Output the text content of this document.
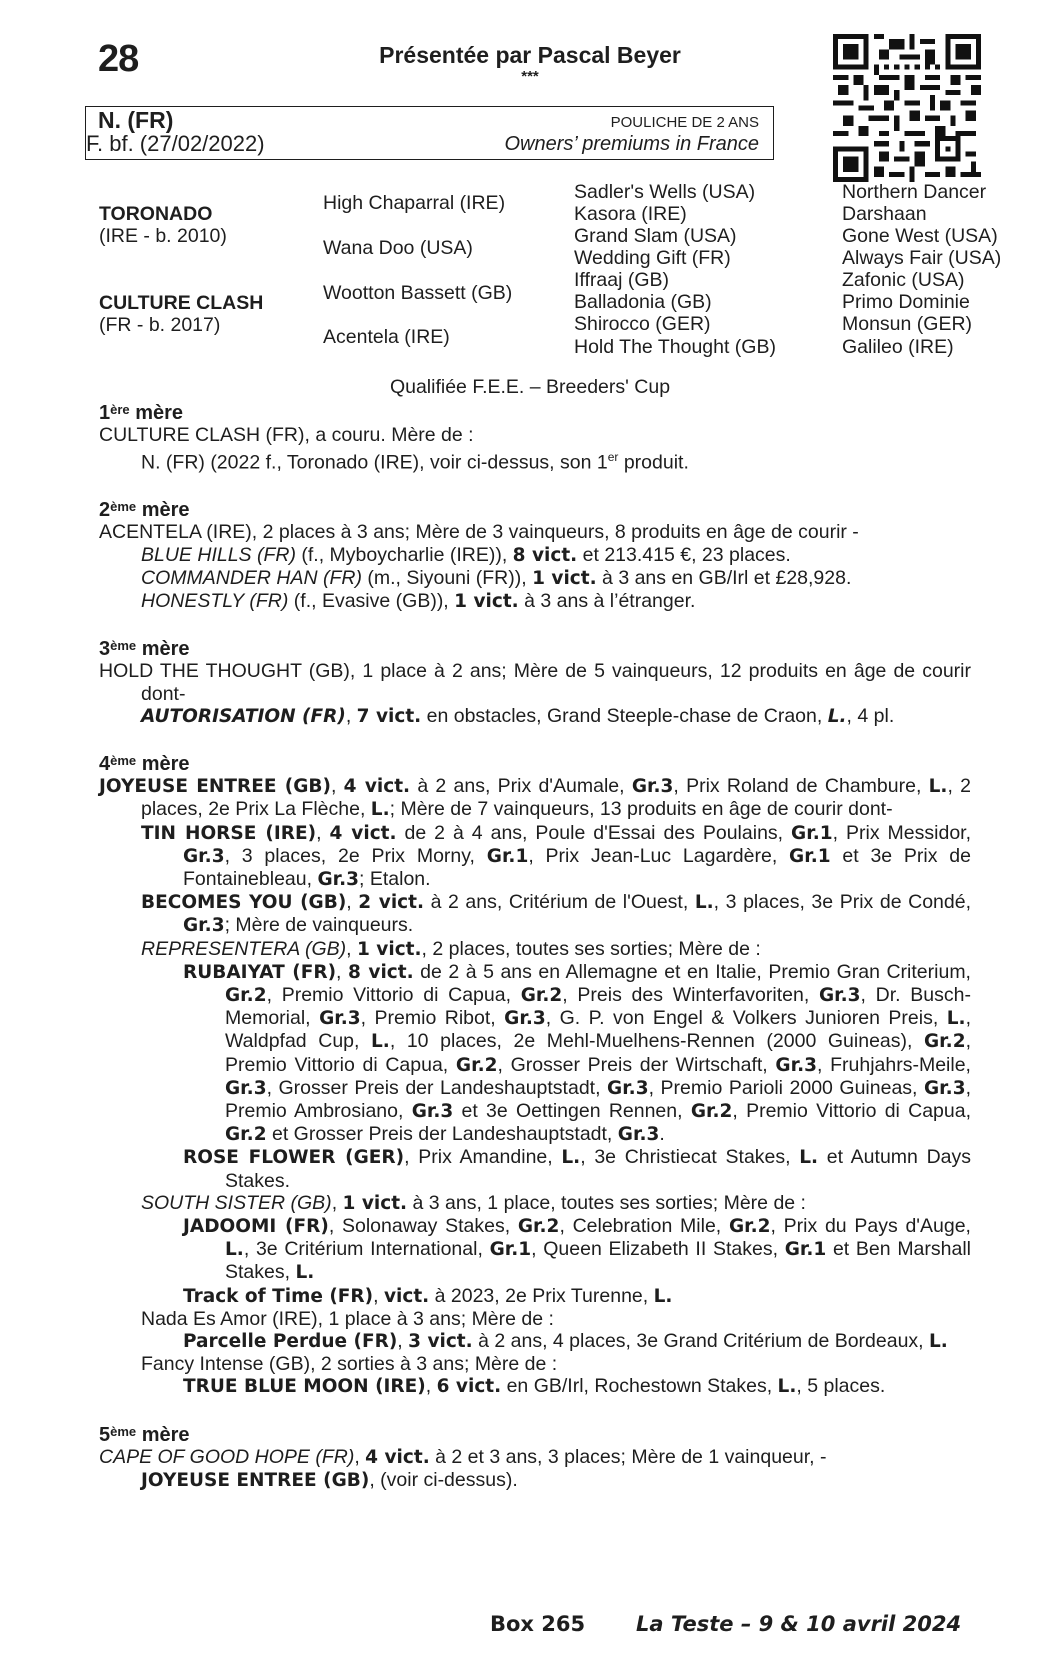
28	Présentée par Pascal Beyer
***
N. (FR)
F. bf. (27/02/2022)
POULICHE DE 2 ANS
Owners’ premiums in France
TORONADO
(IRE - b. 2010)
CULTURE CLASH
(FR - b. 2017)
High Chaparral (IRE)
Wana Doo (USA)
Wootton Bassett (GB)
Acentela (IRE)
Sadler's Wells (USA)
Kasora (IRE)
Grand Slam (USA)
Wedding Gift (FR)
Iffraaj (GB)
Balladonia (GB)
Shirocco (GER)
Hold The Thought (GB)
Northern Dancer
Darshaan
Gone West (USA)
Always Fair (USA)
Zafonic (USA)
Primo Dominie
Monsun (GER)
Galileo (IRE)
Qualifiée F.E.E. – Breeders' Cup
1ère mère

CULTURE CLASH (FR), a couru. Mère de :

N. (FR) (2022 f., Toronado (IRE), voir ci-dessus, son 1er produit.

2ème mère

ACENTELA (IRE), 2 places à 3 ans; Mère de 3 vainqueurs, 8 produits en âge de courir -

BLUE HILLS (FR) (f., Myboycharlie (IRE)), 8 vict. et 213.415 €, 23 places.

COMMANDER HAN (FR) (m., Siyouni (FR)), 1 vict. à 3 ans en GB/Irl et £28,928.

HONESTLY (FR) (f., Evasive (GB)), 1 vict. à 3 ans à l’étranger.

3ème mère

HOLD THE THOUGHT (GB), 1 place à 2 ans; Mère de 5 vainqueurs, 12 produits en âge de courir dont-

AUTORISATION (FR), 7 vict. en obstacles, Grand Steeple-chase de Craon, L., 4 pl.

4ème mère

JOYEUSE ENTREE (GB), 4 vict. à 2 ans, Prix d'Aumale, Gr.3, Prix Roland de Chambure, L., 2 places, 2e Prix La Flèche, L.; Mère de 7 vainqueurs, 13 produits en âge de courir dont-

TIN HORSE (IRE), 4 vict. de 2 à 4 ans, Poule d'Essai des Poulains, Gr.1, Prix Messidor, Gr.3, 3 places, 2e Prix Morny, Gr.1, Prix Jean-Luc Lagardère, Gr.1 et 3e Prix de Fontainebleau, Gr.3; Etalon.

BECOMES YOU (GB), 2 vict. à 2 ans, Critérium de l'Ouest, L., 3 places, 3e Prix de Condé, Gr.3; Mère de vainqueurs.

REPRESENTERA (GB), 1 vict., 2 places, toutes ses sorties; Mère de :

RUBAIYAT (FR), 8 vict. de 2 à 5 ans en Allemagne et en Italie, Premio Gran Criterium, Gr.2, Premio Vittorio di Capua, Gr.2, Preis des Winterfavoriten, Gr.3, Dr. Busch-Memorial, Gr.3, Premio Ribot, Gr.3, G. P. von Engel & Volkers Junioren Preis, L., Waldpfad Cup, L., 10 places, 2e Mehl-Muelhens-Rennen (2000 Guineas), Gr.2, Premio Vittorio di Capua, Gr.2, Grosser Preis der Wirtschaft, Gr.3, Fruhjahrs-Meile, Gr.3, Grosser Preis der Landeshauptstadt, Gr.3, Premio Parioli 2000 Guineas, Gr.3, Premio Ambrosiano, Gr.3 et 3e Oettingen Rennen, Gr.2, Premio Vittorio di Capua, Gr.2 et Grosser Preis der Landeshauptstadt, Gr.3.

ROSE FLOWER (GER), Prix Amandine, L., 3e Christiecat Stakes, L. et Autumn Days Stakes.

SOUTH SISTER (GB), 1 vict. à 3 ans, 1 place, toutes ses sorties; Mère de :

JADOOMI (FR), Solonaway Stakes, Gr.2, Celebration Mile, Gr.2, Prix du Pays d'Auge, L., 3e Critérium International, Gr.1, Queen Elizabeth II Stakes, Gr.1 et Ben Marshall Stakes, L.

Track of Time (FR), vict. à 2023, 2e Prix Turenne, L.

Nada Es Amor (IRE), 1 place à 3 ans; Mère de :

Parcelle Perdue (FR), 3 vict. à 2 ans, 4 places, 3e Grand Critérium de Bordeaux, L.

Fancy Intense (GB), 2 sorties à 3 ans; Mère de :

TRUE BLUE MOON (IRE), 6 vict. en GB/Irl, Rochestown Stakes, L., 5 places.

5ème mère

CAPE OF GOOD HOPE (FR), 4 vict. à 2 et 3 ans, 3 places; Mère de 1 vainqueur, -

JOYEUSE ENTREE (GB), (voir ci-dessus).

Box 265 La Teste – 9 & 10 avril 2024
